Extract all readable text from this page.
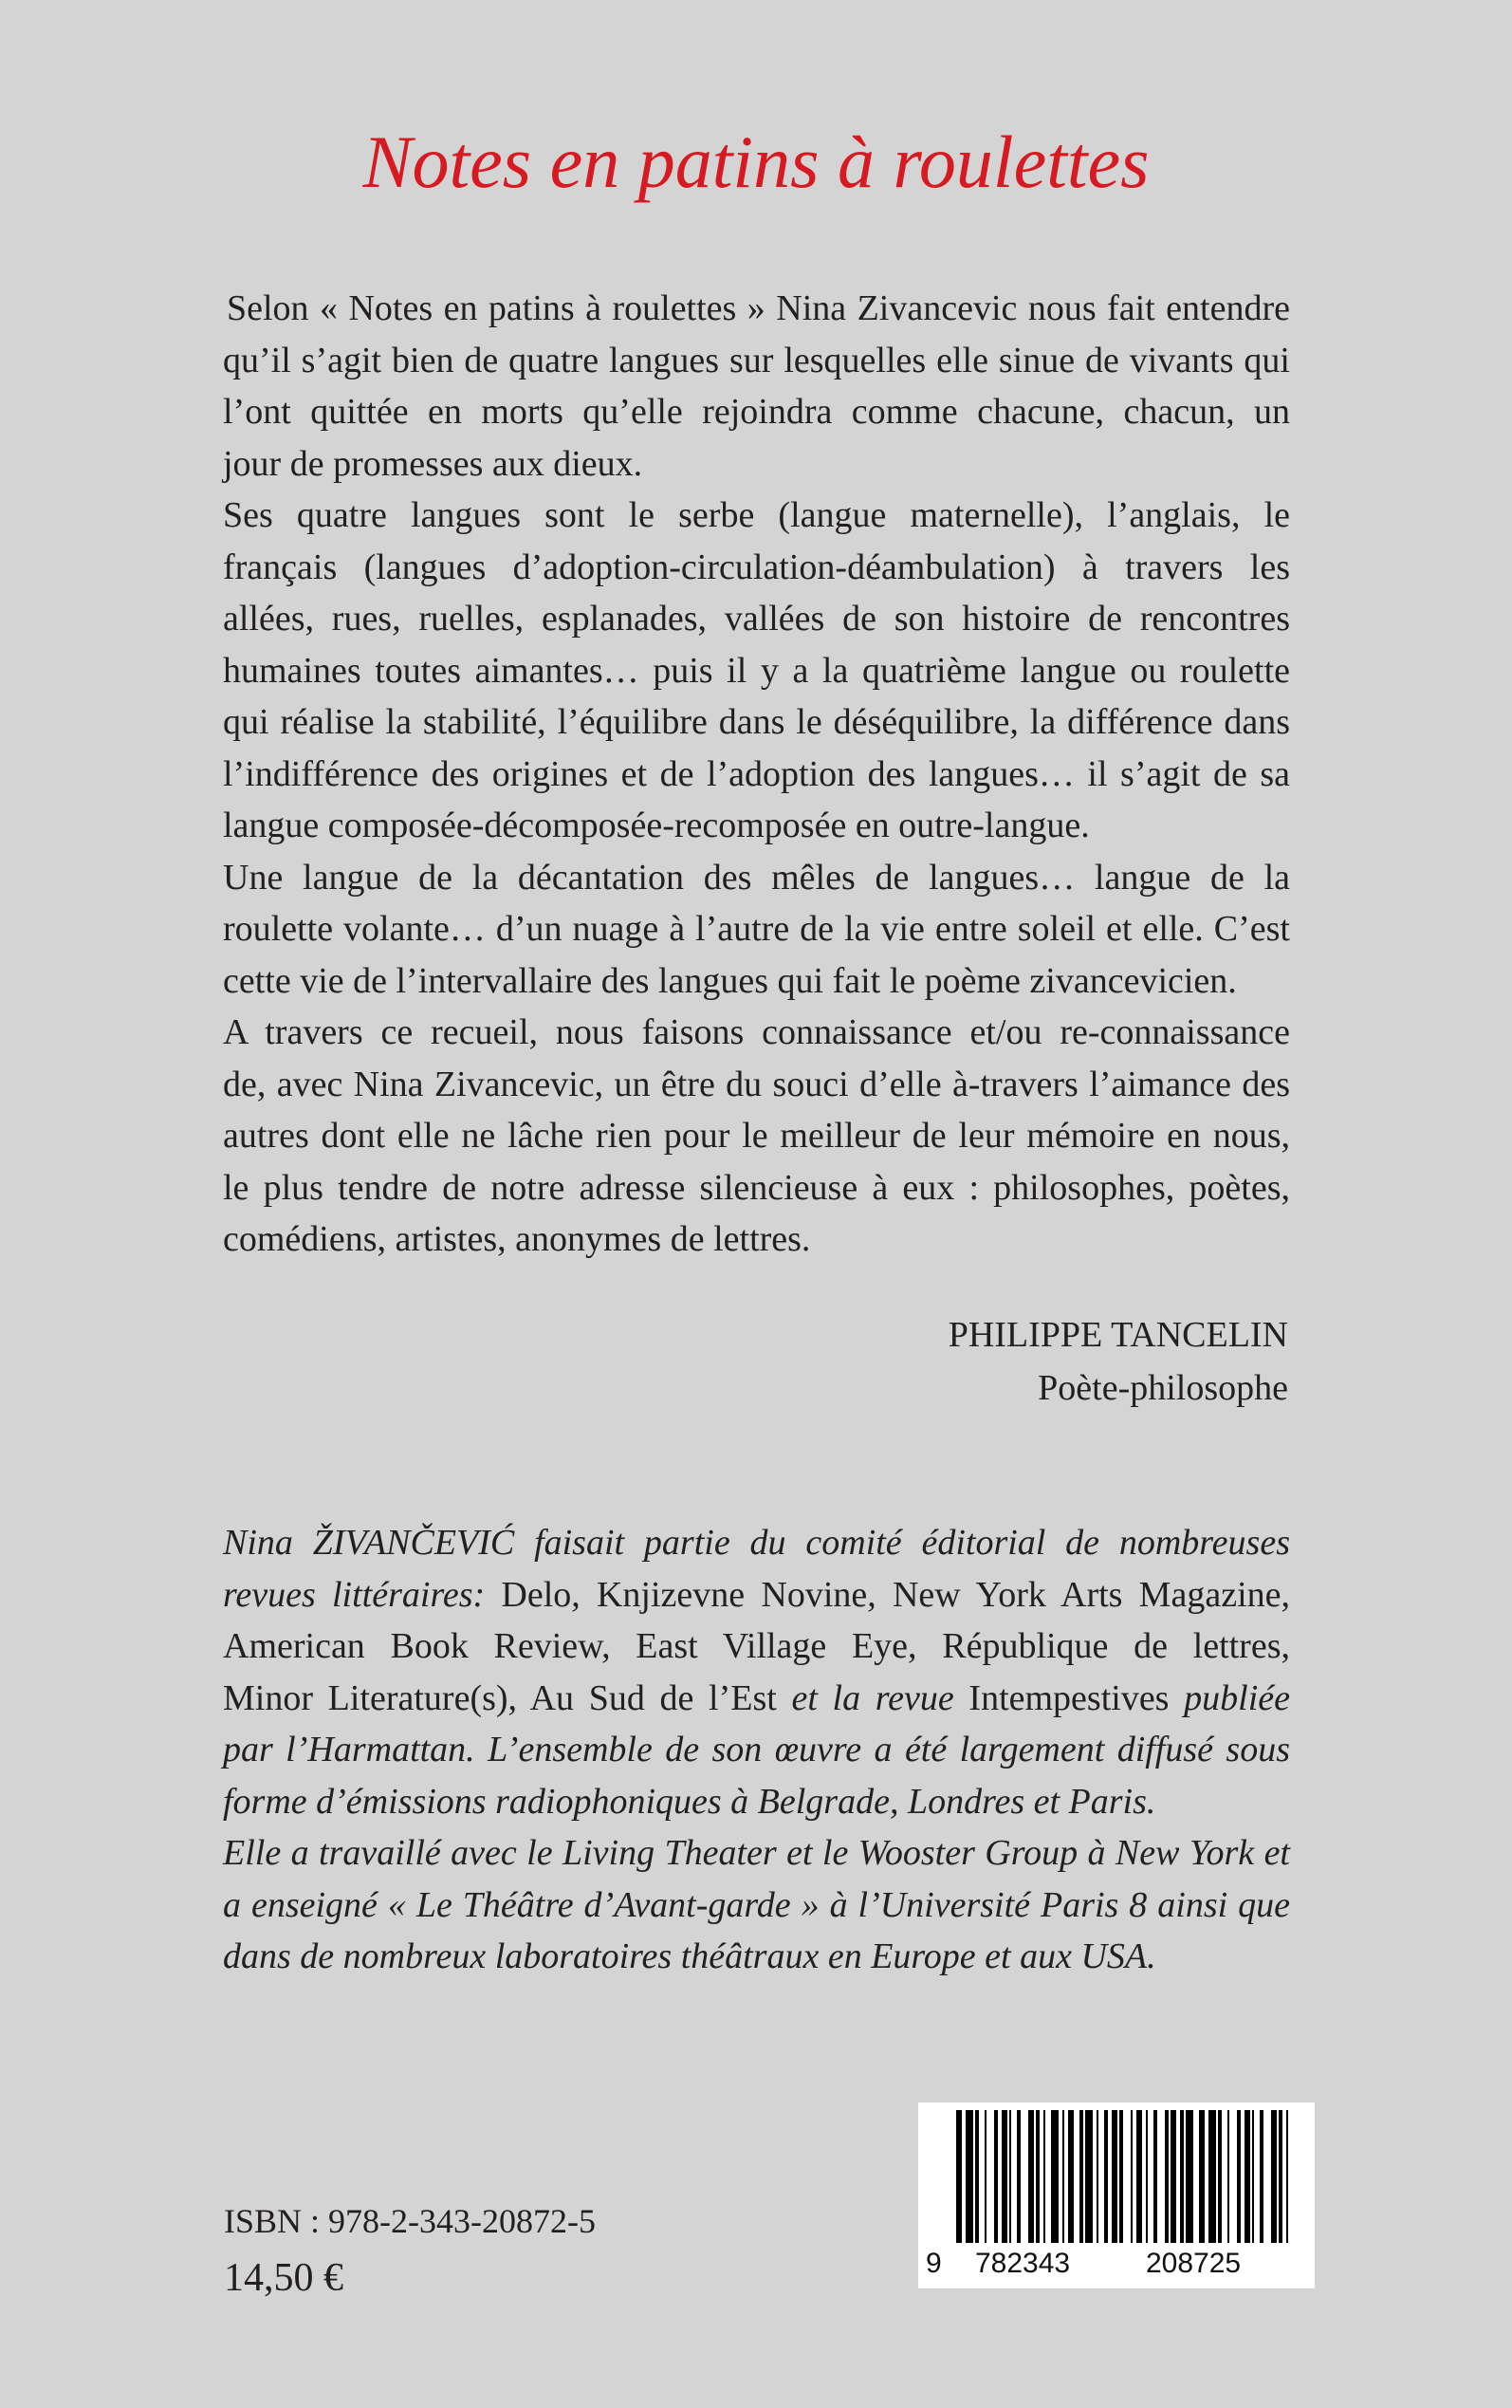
Notes en patins à roulettes
Selon « Notes en patins à roulettes » Nina Zivancevic nous fait entendre
qu’il s’agit bien de quatre langues sur lesquelles elle sinue de vivants qui
l’ont quittée en morts qu’elle rejoindra comme chacune, chacun, un
jour de promesses aux dieux.
Ses quatre langues sont le serbe (langue maternelle), l’anglais, le
français (langues d’adoption-circulation-déambulation) à travers les
allées, rues, ruelles, esplanades, vallées de son histoire de rencontres
humaines toutes aimantes… puis il y a la quatrième langue ou roulette
qui réalise la stabilité, l’équilibre dans le déséquilibre, la différence dans
l’indifférence des origines et de l’adoption des langues… il s’agit de sa
langue composée-décomposée-recomposée en outre-langue.
Une langue de la décantation des mêles de langues… langue de la
roulette volante… d’un nuage à l’autre de la vie entre soleil et elle. C’est
cette vie de l’intervallaire des langues qui fait le poème zivancevicien.
A travers ce recueil, nous faisons connaissance et/ou re-connaissance
de, avec Nina Zivancevic, un être du souci d’elle à-travers l’aimance des
autres dont elle ne lâche rien pour le meilleur de leur mémoire en nous,
le plus tendre de notre adresse silencieuse à eux : philosophes, poètes,
comédiens, artistes, anonymes de lettres.
PHILIPPE TANCELIN
Poète-philosophe
Nina ŽIVANČEVIĆ faisait partie du comité éditorial de nombreuses
revues littéraires: Delo, Knjizevne Novine, New York Arts Magazine,
American Book Review, East Village Eye, République de lettres,
Minor Literature(s), Au Sud de l’Est et la revue Intempestives publiée
par l’Harmattan. L’ensemble de son œuvre a été largement diffusé sous
forme d’émissions radiophoniques à Belgrade, Londres et Paris.
Elle a travaillé avec le Living Theater et le Wooster Group à New York et
a enseigné « Le Théâtre d’Avant-garde » à l’Université Paris 8 ainsi que
dans de nombreux laboratoires théâtraux en Europe et aux USA.
ISBN : 978-2-343-20872-5
14,50 €	9 782343	208725
